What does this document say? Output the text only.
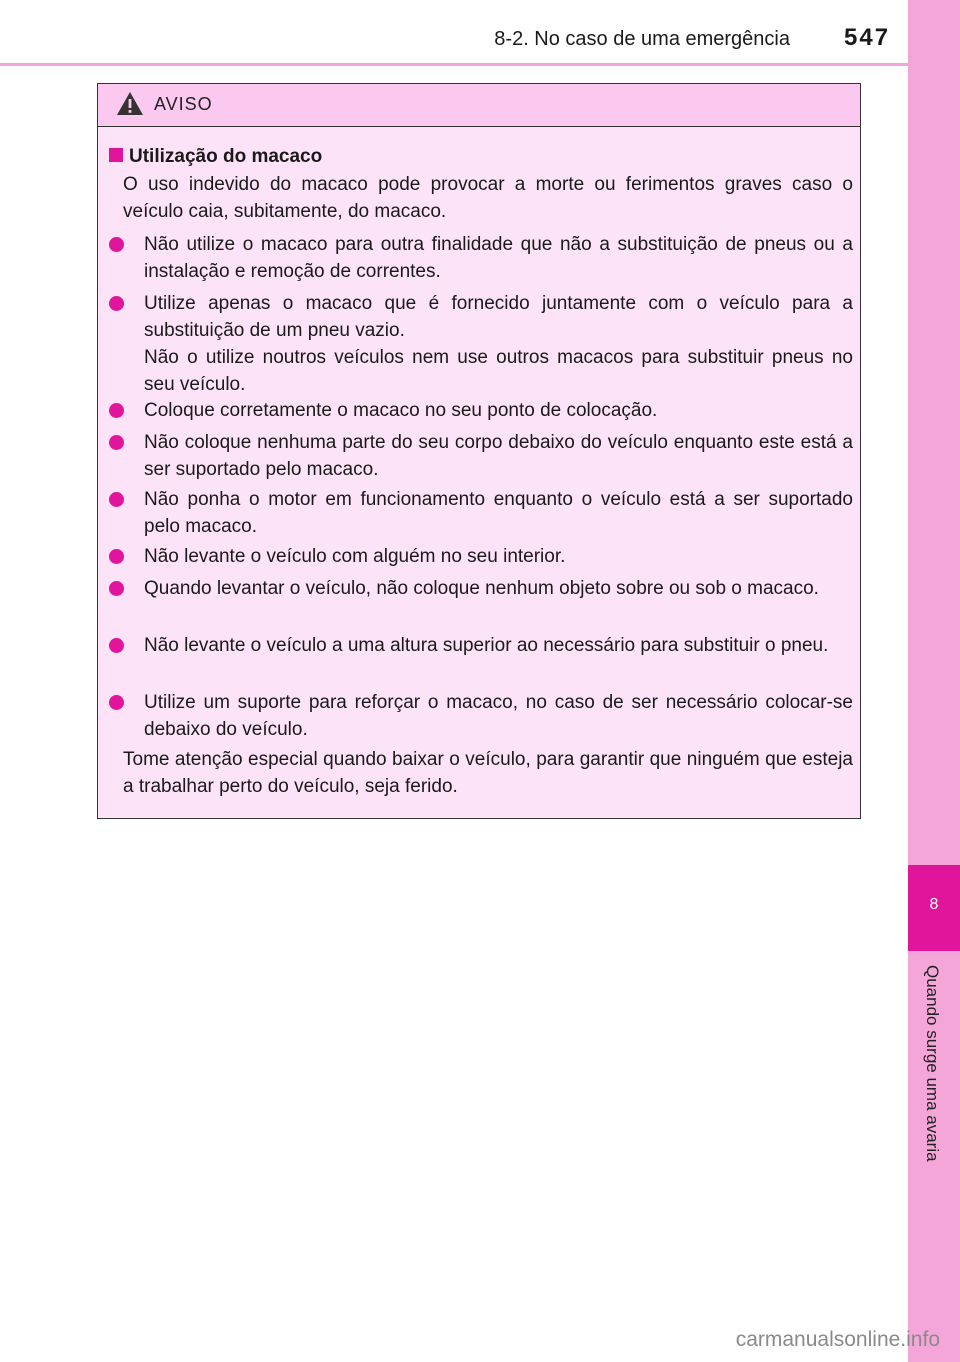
8-2. No caso de uma emergência 547
8
Quando surge uma avaria
AVISO
Utilização do macaco
O uso indevido do macaco pode provocar a morte ou ferimentos graves caso o veículo caia, subitamente, do macaco.
Não utilize o macaco para outra finalidade que não a substituição de pneus ou a instalação e remoção de correntes.
Utilize apenas o macaco que é fornecido juntamente com o veículo para a substituição de um pneu vazio.
Não o utilize noutros veículos nem use outros macacos para substituir pneus no seu veículo.
Coloque corretamente o macaco no seu ponto de colocação.
Não coloque nenhuma parte do seu corpo debaixo do veículo enquanto este está a ser suportado pelo macaco.
Não ponha o motor em funcionamento enquanto o veículo está a ser suportado pelo macaco.
Não levante o veículo com alguém no seu interior.
Quando levantar o veículo, não coloque nenhum objeto sobre ou sob o macaco.
Não levante o veículo a uma altura superior ao necessário para substituir o pneu.
Utilize um suporte para reforçar o macaco, no caso de ser necessário colocar-se debaixo do veículo.
Tome atenção especial quando baixar o veículo, para garantir que ninguém que esteja a trabalhar perto do veículo, seja ferido.
carmanualsonline.info
